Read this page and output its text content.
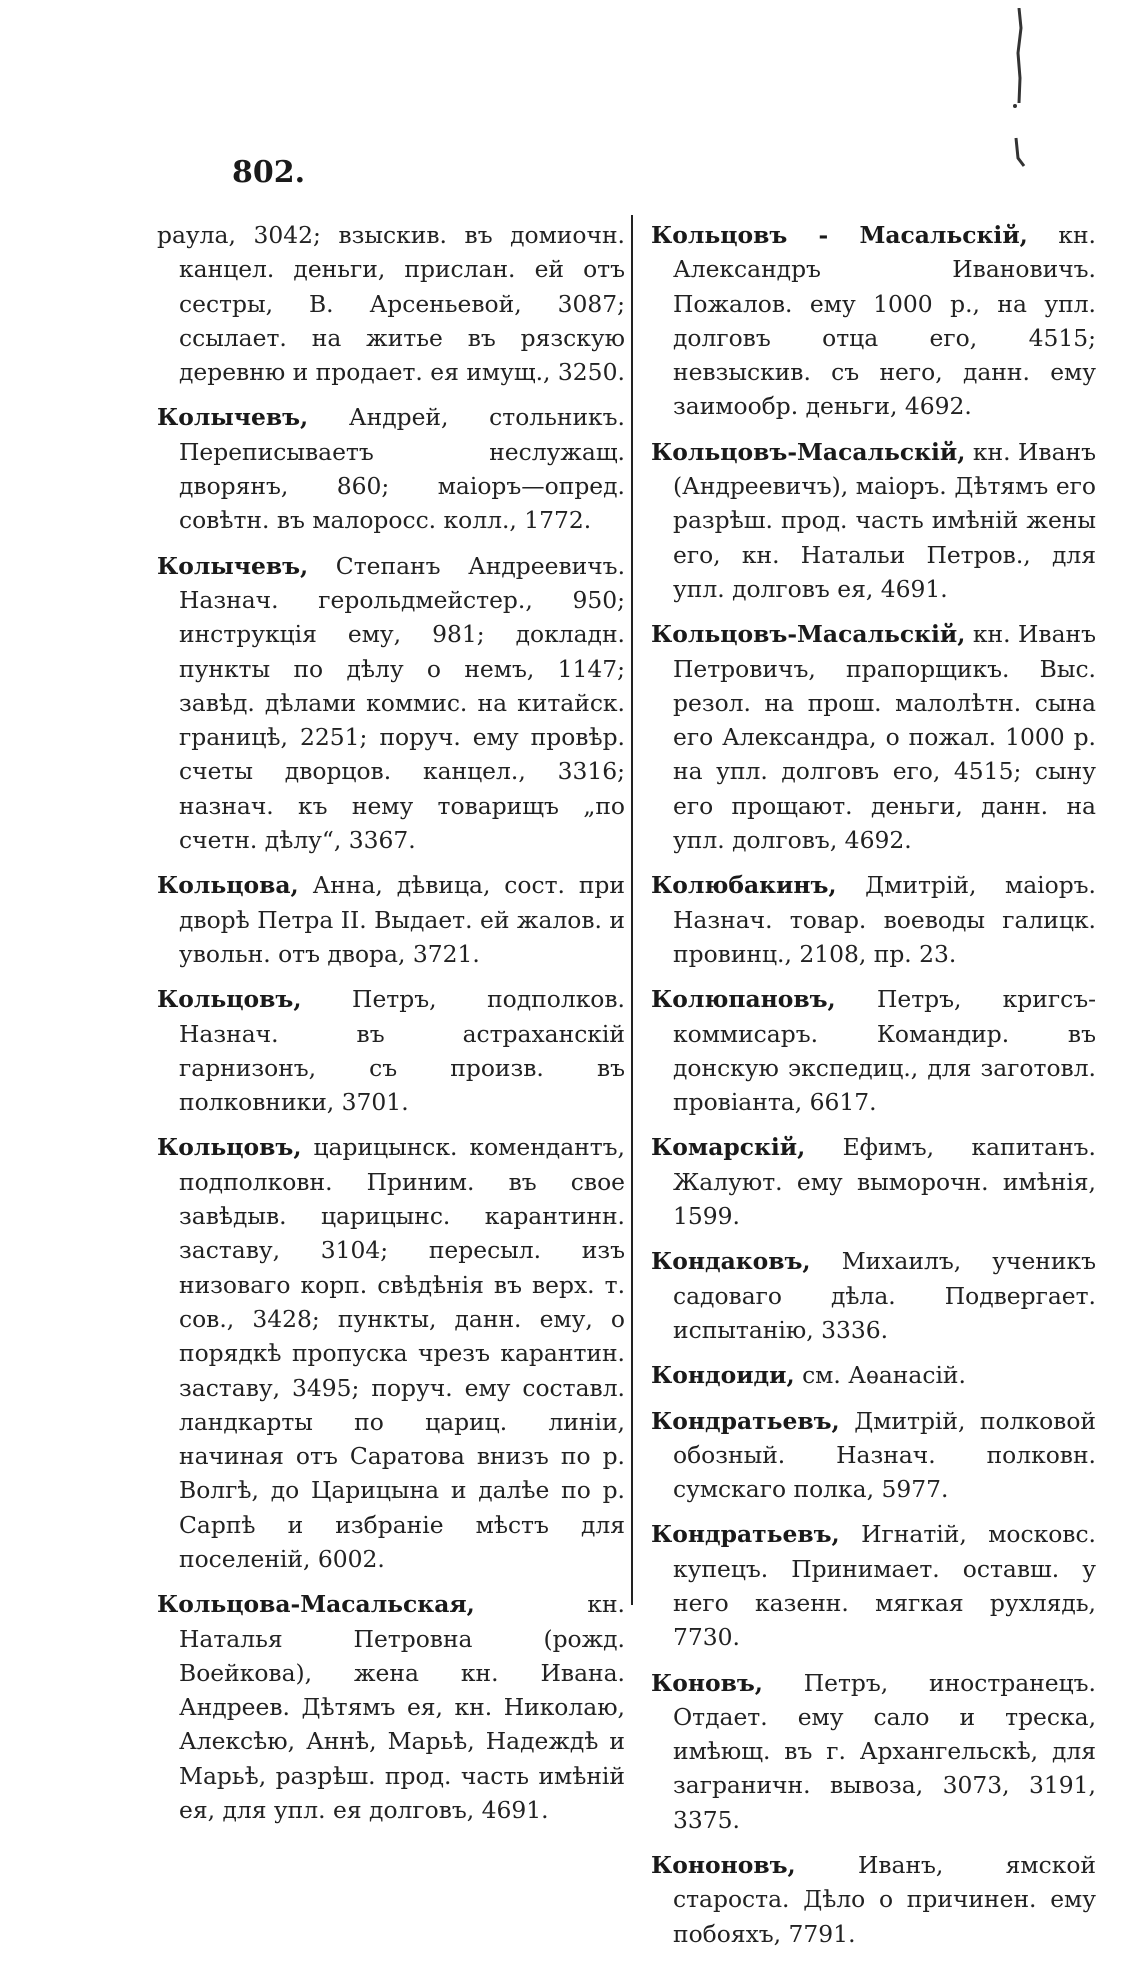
802.

раула, 3042; взыскив. въ домиочн. канцел. деньги, прислан. ей отъ сестры, В. Арсеньевой, 3087; ссылает. на житье въ рязскую деревню и продает. ея имущ., 3250.

Колычевъ, Андрей, стольникъ. Переписываетъ неслужащ. дворянъ, 860; маіоръ—опред. совѣтн. въ малоросс. колл., 1772.

Колычевъ, Степанъ Андреевичъ. Назнач. герольдмейстер., 950; инструкція ему, 981; докладн. пункты по дѣлу о немъ, 1147; завѣд. дѣлами коммис. на китайск. границѣ, 2251; поруч. ему провѣр. счеты дворцов. канцел., 3316; назнач. къ нему товарищъ „по счетн. дѣлу“, 3367.

Кольцова, Анна, дѣвица, сост. при дворѣ Петра II. Выдает. ей жалов. и увольн. отъ двора, 3721.

Кольцовъ, Петръ, подполков. Назнач. въ астраханскій гарнизонъ, съ произв. въ полковники, 3701.

Кольцовъ, царицынск. комендантъ, подполковн. Приним. въ свое завѣдыв. царицынс. карантинн. заставу, 3104; пересыл. изъ низоваго корп. свѣдѣнія въ верх. т. сов., 3428; пункты, данн. ему, о порядкѣ пропуска чрезъ карантин. заставу, 3495; поруч. ему составл. ландкарты по цариц. линіи, начиная отъ Саратова внизъ по р. Волгѣ, до Царицына и далѣе по р. Сарпѣ и избраніе мѣстъ для поселеній, 6002.

Кольцова-Масальская,	кн. Наталья Петровна (рожд. Воейкова), жена кн. Ивана. Андреев. Дѣтямъ ея, кн. Николаю, Алексѣю, Аннѣ, Марьѣ, Надеждѣ и Марьѣ, разрѣш. прод. часть имѣній ея, для упл. ея долговъ, 4691.

Кольцовъ - Масальскій, кн. Александръ Ивановичъ. Пожалов. ему 1000 р., на упл. долговъ отца его, 4515; невзыскив. съ него, данн. ему заимообр. деньги, 4692.

Кольцовъ-Масальскій, кн. Иванъ (Андреевичъ), маіоръ. Дѣтямъ его разрѣш. прод. часть имѣній жены его, кн. Натальи Петров., для упл. долговъ ея, 4691.

Кольцовъ-Масальскій, кн. Иванъ Петровичъ, прапорщикъ. Выс. резол. на прош. малолѣтн. сына его Александра, о пожал. 1000 р. на упл. долговъ его, 4515; сыну его прощают. деньги, данн. на упл. долговъ, 4692.

Колюбакинъ, Дмитрій, маіоръ. Назнач. товар. воеводы галицк. провинц., 2108, пр. 23.

Колюпановъ, Петръ, кригсъ-коммисаръ. Командир. въ донскую экспедиц., для заготовл. провіанта, 6617.

Комарскій, Ефимъ, капитанъ. Жалуют. ему выморочн. имѣнія, 1599.

Кондаковъ, Михаилъ, ученикъ садоваго дѣла. Подвергает. испытанію, 3336.

Кондоиди, см. Аѳанасій.

Кондратьевъ, Дмитрій, полковой обозный. Назнач. полковн. сумскаго полка, 5977.

Кондратьевъ, Игнатій, московс. купецъ. Принимает. оставш. у него казенн. мягкая рухлядь, 7730.

Коновъ, Петръ, иностранецъ. Отдает. ему сало и треска, имѣющ. въ г. Архангельскѣ, для заграничн. вывоза, 3073, 3191, 3375.

Кононовъ,	Иванъ, ямской староста. Дѣло о причинен. ему побояхъ, 7791.
